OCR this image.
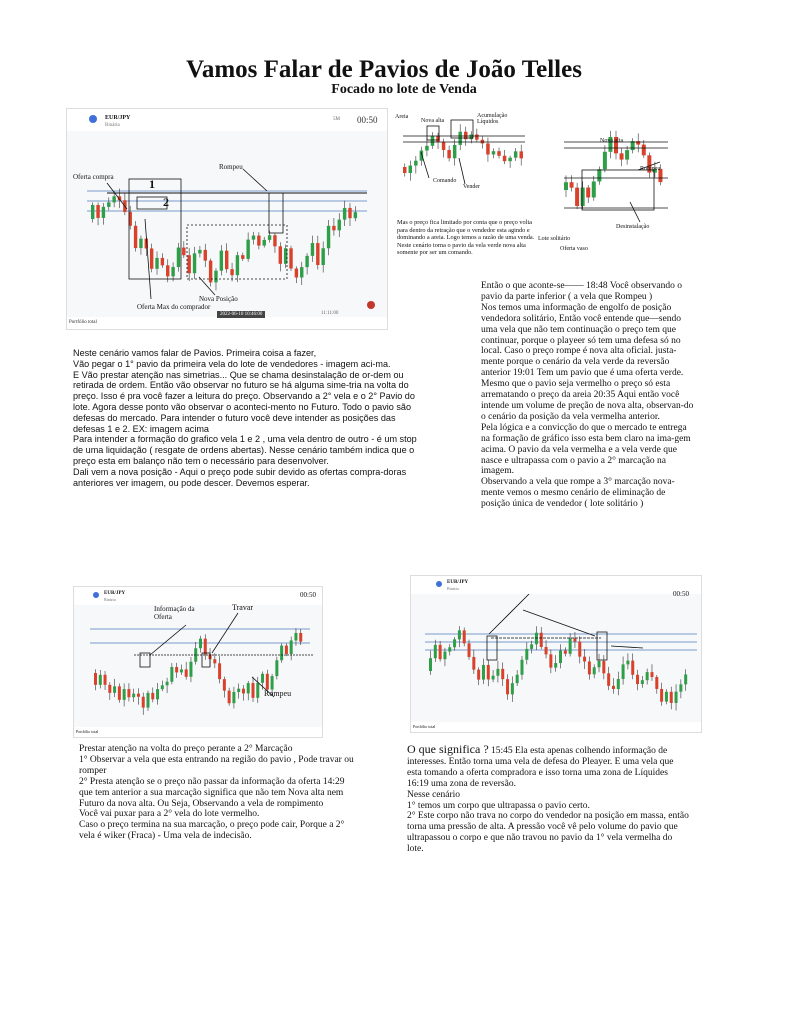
Vamos Falar de Pavios de João Telles
Focado no lote de Venda
EUR/JPY
Binária
00:50
5M
2022-06-10 10:46:00	11:11:00
Portfólio total
Oferta compra
Rompeu
1
2
Nova Posição
Oferta Max do comprador
Areia
Nova alta
Acumulação Líquidos
Comando
Vender
Mas o preço fica limitado por conta que o preço volta para dentro da retração que o vendedor esta agindo e dominando a areia. Logo temos a razão de uma venda. Neste cenário torna o pavio da vela verde nova alta somente por ser um comando.
Nova alta
Rompeu
Desinstalação
Lote solitário
Oferta vaso
Então o que aconte-se—— 18:48 Você observando o pavio da parte inferior ( a vela que Rompeu )
Nos temos uma informação de engolfo de posição vendedora solitário, Então você entende que—sendo uma vela que não tem continuação o preço tem que continuar, porque o playeer só tem uma defesa só no local. Caso o preço rompe é nova alta oficial. justa-mente porque o cenário da vela verde da reversão anterior 19:01 Tem um pavio que é uma oferta verde.
Mesmo que o pavio seja vermelho o preço só esta arrematando o preço da areia 20:35 Aqui então você intende um volume de preção de nova alta, observan-do o cenário da posição da vela vermelha anterior.
Pela lógica e a convicção do que o mercado te entrega na formação de gráfico isso esta bem claro na ima-gem acima. O pavio da vela vermelha e a vela verde que nasce e ultrapassa com o pavio a 2° marcação na imagem.
Observando a vela que rompe a 3° marcação nova-mente vemos o mesmo cenário de eliminação de posição única de vendedor ( lote solitário )
Neste cenário vamos falar de Pavios. Primeira coisa a fazer,
Vão pegar o 1° pavio da primeira vela do lote de vendedores - imagem aci-ma.
E Vão prestar atenção nas simetrias... Que se chama desinstalação de or-dem ou retirada de ordem. Então vão observar no futuro se há alguma sime-tria na volta do preço. Isso é pra você fazer a leitura do preço. Observando a 2° vela e o 2° Pavio do lote. Agora desse ponto vão observar o aconteci-mento no Futuro. Todo o pavio são defesas do mercado. Para intender o futuro você deve intender as posições das defesas 1 e 2. EX: imagem acima
Para intender a formação do grafico vela 1 e 2 , uma vela dentro de outro - é um stop de uma liquidação ( resgate de ordens abertas). Nesse cenário também indica que o preço esta em balanço não tem o necessário para desenvolver.
Dali vem a nova posição - Aqui o preço pode subir devido as ofertas compra-doras anteriores ver imagem, ou pode descer. Devemos esperar.
EUR/JPY
Binária
00:50
Portfólio total
Informação da Oferta
Travar
Rompeu
EUR/JPY
Binária
00:50
Portfólio total
Prestar atenção na volta do preço perante a 2° Marcação
1° Observar a vela que esta entrando na região do pavio , Pode travar ou romper
2° Presta atenção se o preço não passar da informação da oferta 14:29 que tem anterior a sua marcação significa que não tem Nova alta nem Futuro da nova alta. Ou Seja, Observando a vela de rompimento
Você vai puxar para a 2° vela do lote vermelho.
Caso o preço termina na sua marcação, o preço pode cair, Porque a 2° vela é wiker (Fraca) - Uma vela de indecisão.
O que significa ? 15:45 Ela esta apenas colhendo informação de interesses. Então torna uma vela de defesa do Pleayer. E uma vela que esta tomando a oferta compradora e isso torna uma zona de Líquides 16:19 uma zona de reversão.
Nesse cenário
1° temos um corpo que ultrapassa o pavio certo.
2° Este corpo não trava no corpo do vendedor na posição em massa, então torna uma pressão de alta. A pressão você vê pelo volume do pavio que ultrapassou o corpo e que não travou no pavio da 1° vela vermelha do lote.
